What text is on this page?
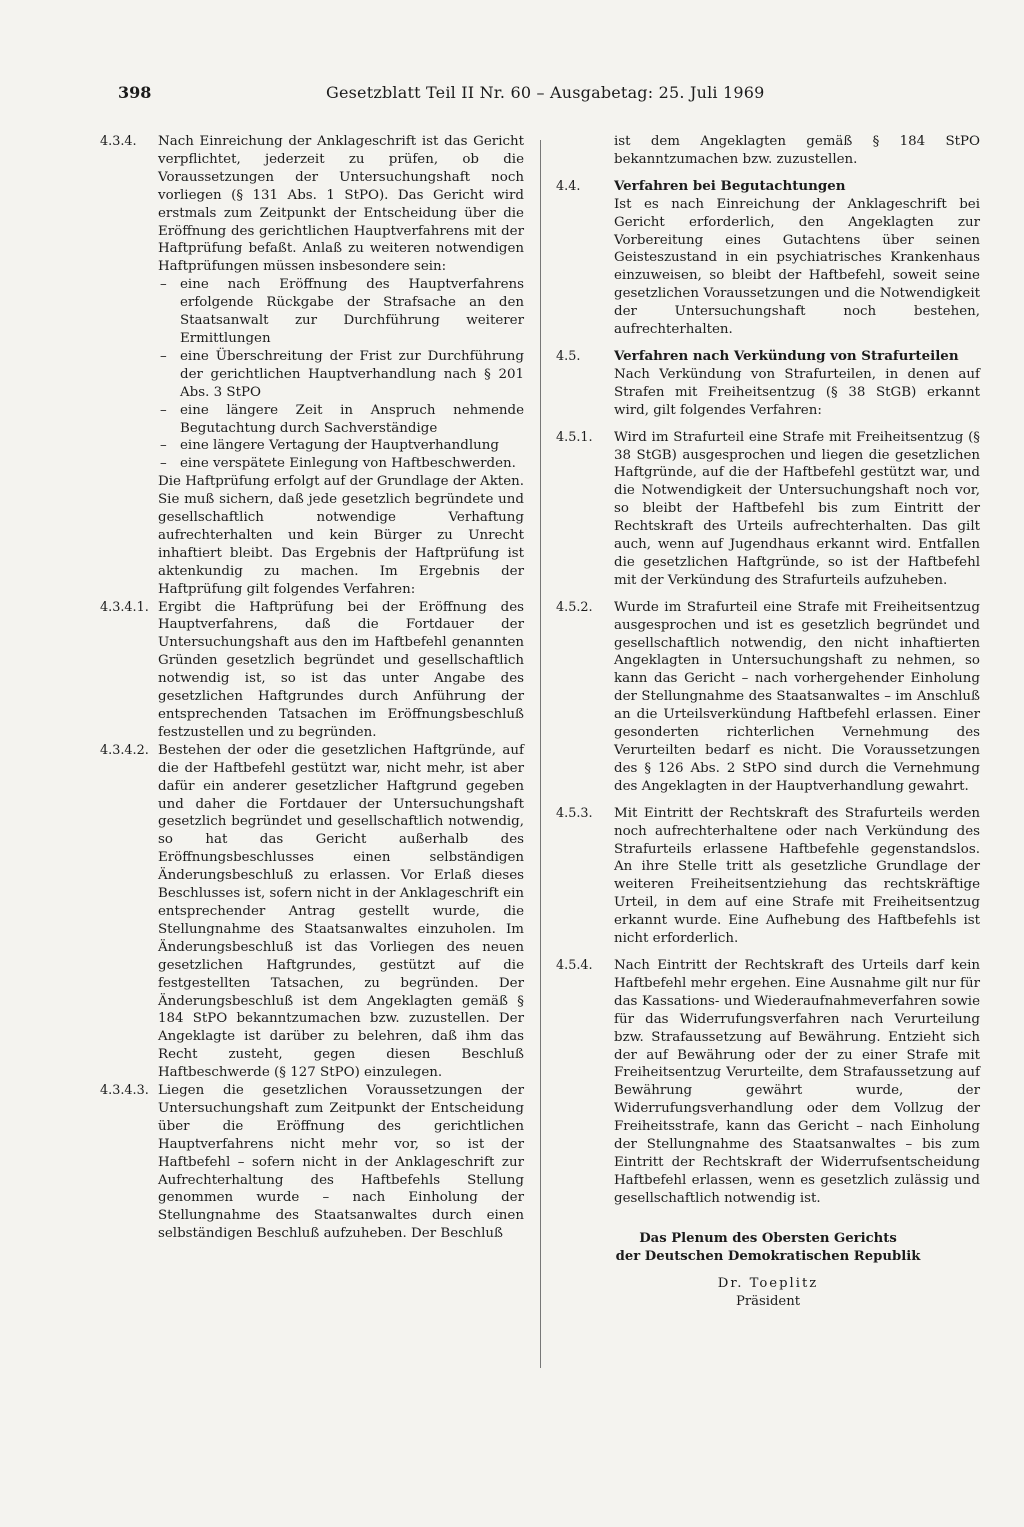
398	Gesetzblatt Teil II Nr. 60 – Ausgabetag: 25. Juli 1969
4.3.4.	Nach Einreichung der Anklageschrift ist das Gericht verpflichtet, jederzeit zu prüfen, ob die Voraussetzungen der Untersuchungshaft noch vorliegen (§ 131 Abs. 1 StPO). Das Gericht wird erstmals zum Zeitpunkt der Entscheidung über die Eröffnung des gerichtlichen Hauptverfahrens mit der Haftprüfung befaßt. Anlaß zu weiteren notwendigen Haftprüfungen müssen insbesondere sein:

– eine nach Eröffnung des Hauptverfahrens erfolgende Rückgabe der Strafsache an den Staatsanwalt zur Durchführung weiterer Ermittlungen
– eine Überschreitung der Frist zur Durchführung der gerichtlichen Hauptverhandlung nach § 201 Abs. 3 StPO
– eine längere Zeit in Anspruch nehmende Begutachtung durch Sachverständige
– eine längere Vertagung der Hauptverhandlung
– eine verspätete Einlegung von Haftbeschwerden.

Die Haftprüfung erfolgt auf der Grundlage der Akten. Sie muß sichern, daß jede gesetzlich begründete und gesellschaftlich notwendige Verhaftung aufrechterhalten und kein Bürger zu Unrecht inhaftiert bleibt. Das Ergebnis der Haftprüfung ist aktenkundig zu machen. Im Ergebnis der Haftprüfung gilt folgendes Verfahren:

4.3.4.1. Ergibt die Haftprüfung bei der Eröffnung des Hauptverfahrens, daß die Fortdauer der Untersuchungshaft aus den im Haftbefehl genannten Gründen gesetzlich begründet und gesellschaftlich notwendig ist, so ist das unter Angabe des gesetzlichen Haftgrundes durch Anführung der entsprechenden Tatsachen im Eröffnungsbeschluß festzustellen und zu begründen.
4.3.4.2. Bestehen der oder die gesetzlichen Haftgründe, auf die der Haftbefehl gestützt war, nicht mehr, ist aber dafür ein anderer gesetzlicher Haftgrund gegeben und daher die Fortdauer der Untersuchungshaft gesetzlich begründet und gesellschaftlich notwendig, so hat das Gericht außerhalb des Eröffnungsbeschlusses einen selbständigen Änderungsbeschluß zu erlassen. Vor Erlaß dieses Beschlusses ist, sofern nicht in der Anklageschrift ein entsprechender Antrag gestellt wurde, die Stellungnahme des Staatsanwaltes einzuholen. Im Änderungsbeschluß ist das Vorliegen des neuen gesetzlichen Haftgrundes, gestützt auf die festgestellten Tatsachen, zu begründen. Der Änderungsbeschluß ist dem Angeklagten gemäß § 184 StPO bekanntzumachen bzw. zuzustellen. Der Angeklagte ist darüber zu belehren, daß ihm das Recht zusteht, gegen diesen Beschluß Haftbeschwerde (§ 127 StPO) einzulegen.
4.3.4.3. Liegen die gesetzlichen Voraussetzungen der Untersuchungshaft zum Zeitpunkt der Entscheidung über die Eröffnung des gerichtlichen Hauptverfahrens nicht mehr vor, so ist der Haftbefehl – sofern nicht in der Anklageschrift zur Aufrechterhaltung des Haftbefehls Stellung genommen wurde – nach Einholung der Stellungnahme des Staatsanwaltes durch einen selbständigen Beschluß aufzuheben. Der Beschluß
ist dem Angeklagten gemäß § 184 StPO bekanntzumachen bzw. zuzustellen.
4.4.	Verfahren bei Begutachtungen

Ist es nach Einreichung der Anklageschrift bei Gericht erforderlich, den Angeklagten zur Vorbereitung eines Gutachtens über seinen Geisteszustand in ein psychiatrisches Krankenhaus einzuweisen, so bleibt der Haftbefehl, soweit seine gesetzlichen Voraussetzungen und die Notwendigkeit der Untersuchungshaft noch bestehen, aufrechterhalten.

4.5.	Verfahren nach Verkündung von Strafurteilen

Nach Verkündung von Strafurteilen, in denen auf Strafen mit Freiheitsentzug (§ 38 StGB) erkannt wird, gilt folgendes Verfahren:

4.5.1.	Wird im Strafurteil eine Strafe mit Freiheitsentzug (§ 38 StGB) ausgesprochen und liegen die gesetzlichen Haftgründe, auf die der Haftbefehl gestützt war, und die Notwendigkeit der Untersuchungshaft noch vor, so bleibt der Haftbefehl bis zum Eintritt der Rechtskraft des Urteils aufrechterhalten. Das gilt auch, wenn auf Jugendhaus erkannt wird. Entfallen die gesetzlichen Haftgründe, so ist der Haftbefehl mit der Verkündung des Strafurteils aufzuheben.
4.5.2.	Wurde im Strafurteil eine Strafe mit Freiheitsentzug ausgesprochen und ist es gesetzlich begründet und gesellschaftlich notwendig, den nicht inhaftierten Angeklagten in Untersuchungshaft zu nehmen, so kann das Gericht – nach vorhergehender Einholung der Stellungnahme des Staatsanwaltes – im Anschluß an die Urteilsverkündung Haftbefehl erlassen. Einer gesonderten richterlichen Vernehmung des Verurteilten bedarf es nicht. Die Voraussetzungen des § 126 Abs. 2 StPO sind durch die Vernehmung des Angeklagten in der Hauptverhandlung gewahrt.
4.5.3.	Mit Eintritt der Rechtskraft des Strafurteils werden noch aufrechterhaltene oder nach Verkündung des Strafurteils erlassene Haftbefehle gegenstandslos. An ihre Stelle tritt als gesetzliche Grundlage der weiteren Freiheitsentziehung das rechtskräftige Urteil, in dem auf eine Strafe mit Freiheitsentzug erkannt wurde. Eine Aufhebung des Haftbefehls ist nicht erforderlich.
4.5.4.	Nach Eintritt der Rechtskraft des Urteils darf kein Haftbefehl mehr ergehen. Eine Ausnahme gilt nur für das Kassations- und Wiederaufnahmeverfahren sowie für das Widerrufungsverfahren nach Verurteilung bzw. Strafaussetzung auf Bewährung. Entzieht sich der auf Bewährung oder der zu einer Strafe mit Freiheitsentzug Verurteilte, dem Strafaussetzung auf Bewährung gewährt wurde, der Widerrufungsverhandlung oder dem Vollzug der Freiheitsstrafe, kann das Gericht – nach Einholung der Stellungnahme des Staatsanwaltes – bis zum Eintritt der Rechtskraft der Widerrufsentscheidung Haftbefehl erlassen, wenn es gesetzlich zulässig und gesellschaftlich notwendig ist.
Das Plenum des Obersten Gerichts
der Deutschen Demokratischen Republik
Dr. Toeplitz
Präsident
